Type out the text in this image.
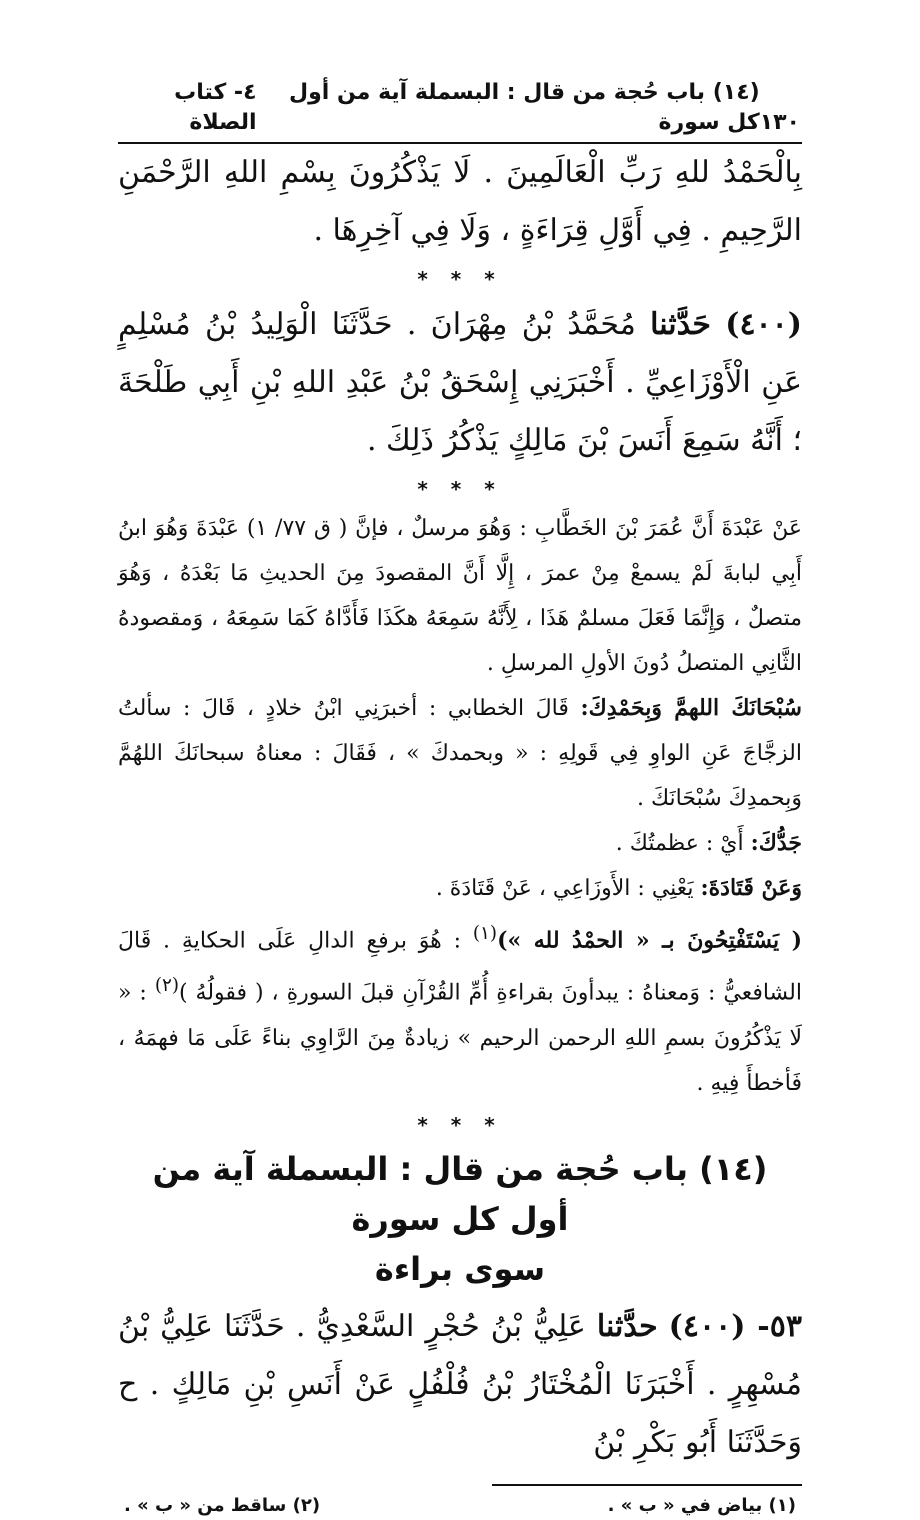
١٣٠
(١٤) باب حُجة من قال : البسملة آية من أول كل سورة
٤- كتاب الصلاة

بِالْحَمْدُ للهِ رَبِّ الْعَالَمِينَ . لَا يَذْكُرُونَ بِسْمِ اللهِ الرَّحْمَنِ الرَّحِيمِ . فِي أَوَّلِ قِرَاءَةٍ ، وَلَا فِي آخِرِهَا .

* * *

(٤٠٠) حَدَّثنا مُحَمَّدُ بْنُ مِهْرَانَ . حَدَّثَنَا الْوَلِيدُ بْنُ مُسْلِمٍ عَنِ الْأَوْزَاعِيِّ . أَخْبَرَنِي إِسْحَقُ بْنُ عَبْدِ اللهِ بْنِ أَبِي طَلْحَةَ ؛ أَنَّهُ سَمِعَ أَنَسَ بْنَ مَالِكٍ يَذْكُرُ ذَلِكَ .

* * *

عَنْ عَبْدَةَ أَنَّ عُمَرَ بْنَ الخَطَّابِ : وَهُوَ مرسلٌ ، فإنَّ ( ق ٧٧/ ١) عَبْدَةَ وَهُوَ ابنُ أَبِي لبابةَ لَمْ يسمعْ مِنْ عمرَ ، إِلَّا أَنَّ المقصودَ مِنَ الحديثِ مَا بَعْدَهُ ، وَهُوَ متصلٌ ، وَإِنَّمَا فَعَلَ مسلمٌ هَذَا ، لِأَنَّهُ سَمِعَهُ هكَذَا فَأَدَّاهُ كَمَا سَمِعَهُ ، وَمقصودهُ الثَّانِي المتصلُ دُونَ الأولِ المرسلِ .

سُبْحَانَكَ اللهمَّ وَبِحَمْدِكَ: قَالَ الخطابي : أخبرَنِي ابْنُ خلادٍ ، قَالَ : سألتُ الزجَّاجَ عَنِ الواوِ فِي قَولِهِ : « وبحمدكَ » ، فَقَالَ : معناهُ سبحانَكَ اللهُمَّ وَبِحمدِكَ سُبْحَانَكَ .

جَدُّكَ: أَيْ : عظمتُكَ .

وَعَنْ قَتَادَةَ: يَعْنِي : الأَوزَاعِي ، عَنْ قَتَادَةَ .

( يَسْتَفْتِحُونَ بـ « الحمْدُ لله »)$^{(١)}$ : هُوَ برفعِ الدالِ عَلَى الحكايةِ . قَالَ الشافعيُّ : وَمعناهُ : يبدأونَ بقراءةِ أُمِّ القُرْآنِ قبلَ السورةِ ، ( فقولُهُ )$^{(٢)}$ : « لَا يَذْكُرُونَ بسمِ اللهِ الرحمن الرحيم » زيادةٌ مِنَ الرَّاوِي بناءً عَلَى مَا فهمَهُ ، فَأخطأَ فِيهِ .

* * *
(١٤) باب حُجة من قال : البسملة آية من أول كل سورة
سوى براءة

٥٣- (٤٠٠) حدَّثنا عَلِيُّ بْنُ حُجْرٍ السَّعْدِيُّ . حَدَّثَنَا عَلِيُّ بْنُ مُسْهِرٍ . أَخْبَرَنَا الْمُخْتَارُ بْنُ فُلْفُلٍ عَنْ أَنَسِ بْنِ مَالِكٍ . ح وَحَدَّثَنَا أَبُو بَكْرِ بْنُ

(١) بياض في « ب » .
(٢) ساقط من « ب » .
